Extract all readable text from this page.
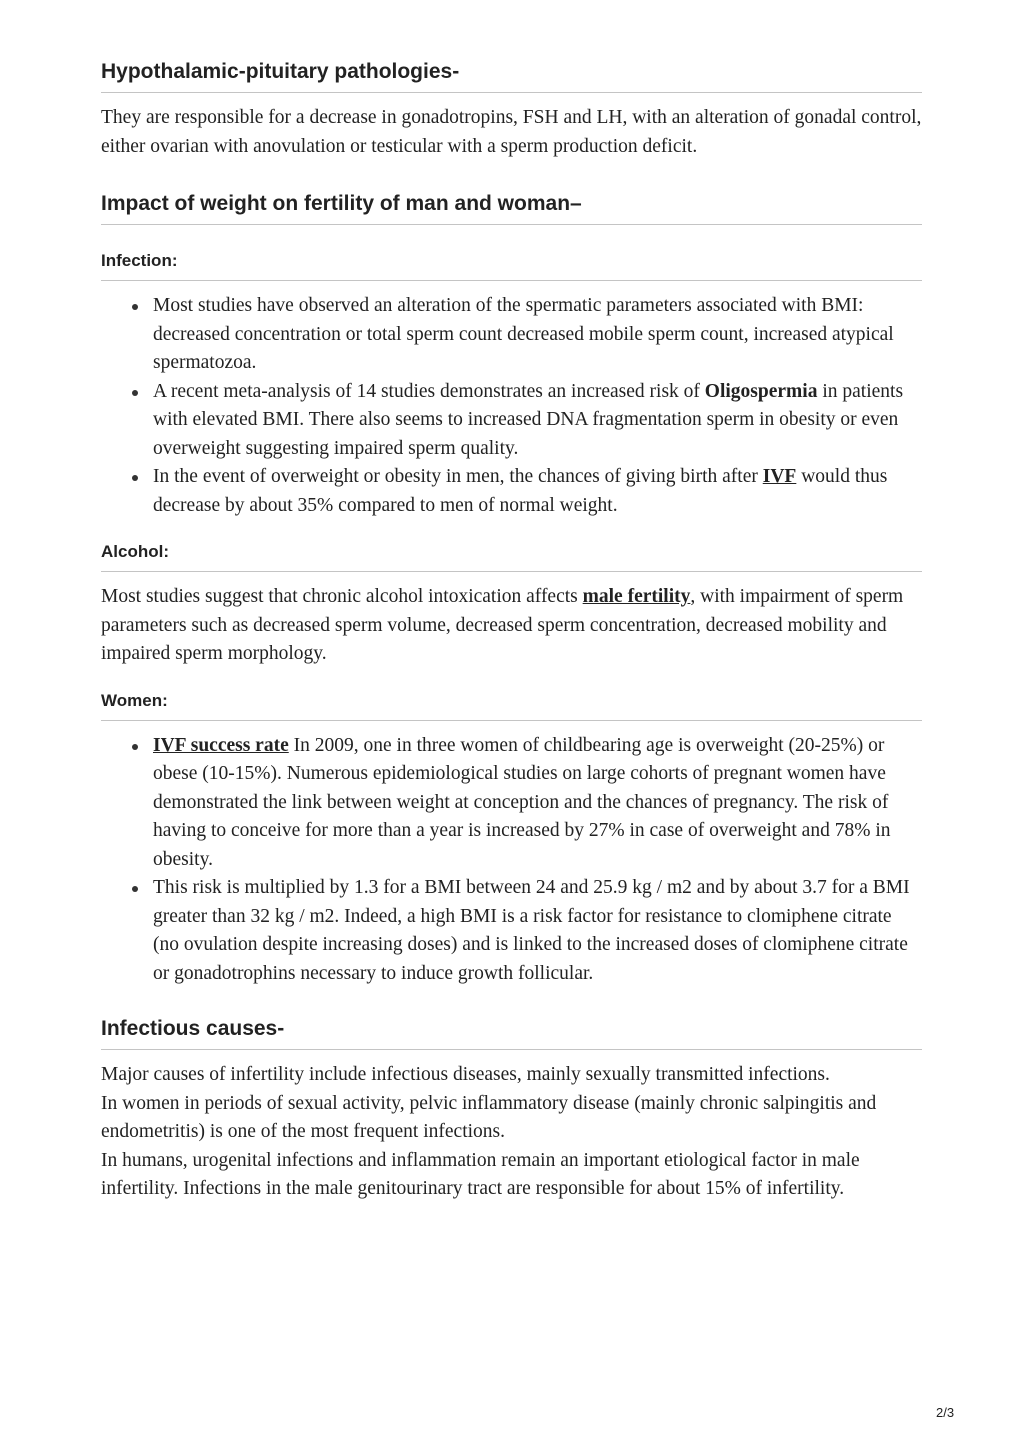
Hypothalamic-pituitary pathologies-

They are responsible for a decrease in gonadotropins, FSH and LH, with an alteration of gonadal control, either ovarian with anovulation or testicular with a sperm production deficit.

Impact of weight on fertility of man and woman–
Infection:
Most studies have observed an alteration of the spermatic parameters associated with BMI: decreased concentration or total sperm count decreased mobile sperm count, increased atypical spermatozoa.
A recent meta-analysis of 14 studies demonstrates an increased risk of Oligospermia in patients with elevated BMI. There also seems to increased DNA fragmentation sperm in obesity or even overweight suggesting impaired sperm quality.
In the event of overweight or obesity in men, the chances of giving birth after IVF would thus decrease by about 35% compared to men of normal weight.
Alcohol:

Most studies suggest that chronic alcohol intoxication affects male fertility, with impairment of sperm parameters such as decreased sperm volume, decreased sperm concentration, decreased mobility and impaired sperm morphology.

Women:
IVF success rate In 2009, one in three women of childbearing age is overweight (20-25%) or obese (10-15%). Numerous epidemiological studies on large cohorts of pregnant women have demonstrated the link between weight at conception and the chances of pregnancy. The risk of having to conceive for more than a year is increased by 27% in case of overweight and 78% in obesity.
This risk is multiplied by 1.3 for a BMI between 24 and 25.9 kg / m2 and by about 3.7 for a BMI greater than 32 kg / m2. Indeed, a high BMI is a risk factor for resistance to clomiphene citrate (no ovulation despite increasing doses) and is linked to the increased doses of clomiphene citrate or gonadotrophins necessary to induce growth follicular.
Infectious causes-

Major causes of infertility include infectious diseases, mainly sexually transmitted infections.

In women in periods of sexual activity, pelvic inflammatory disease (mainly chronic salpingitis and endometritis) is one of the most frequent infections.

In humans, urogenital infections and inflammation remain an important etiological factor in male infertility. Infections in the male genitourinary tract are responsible for about 15% of infertility.

2/3
